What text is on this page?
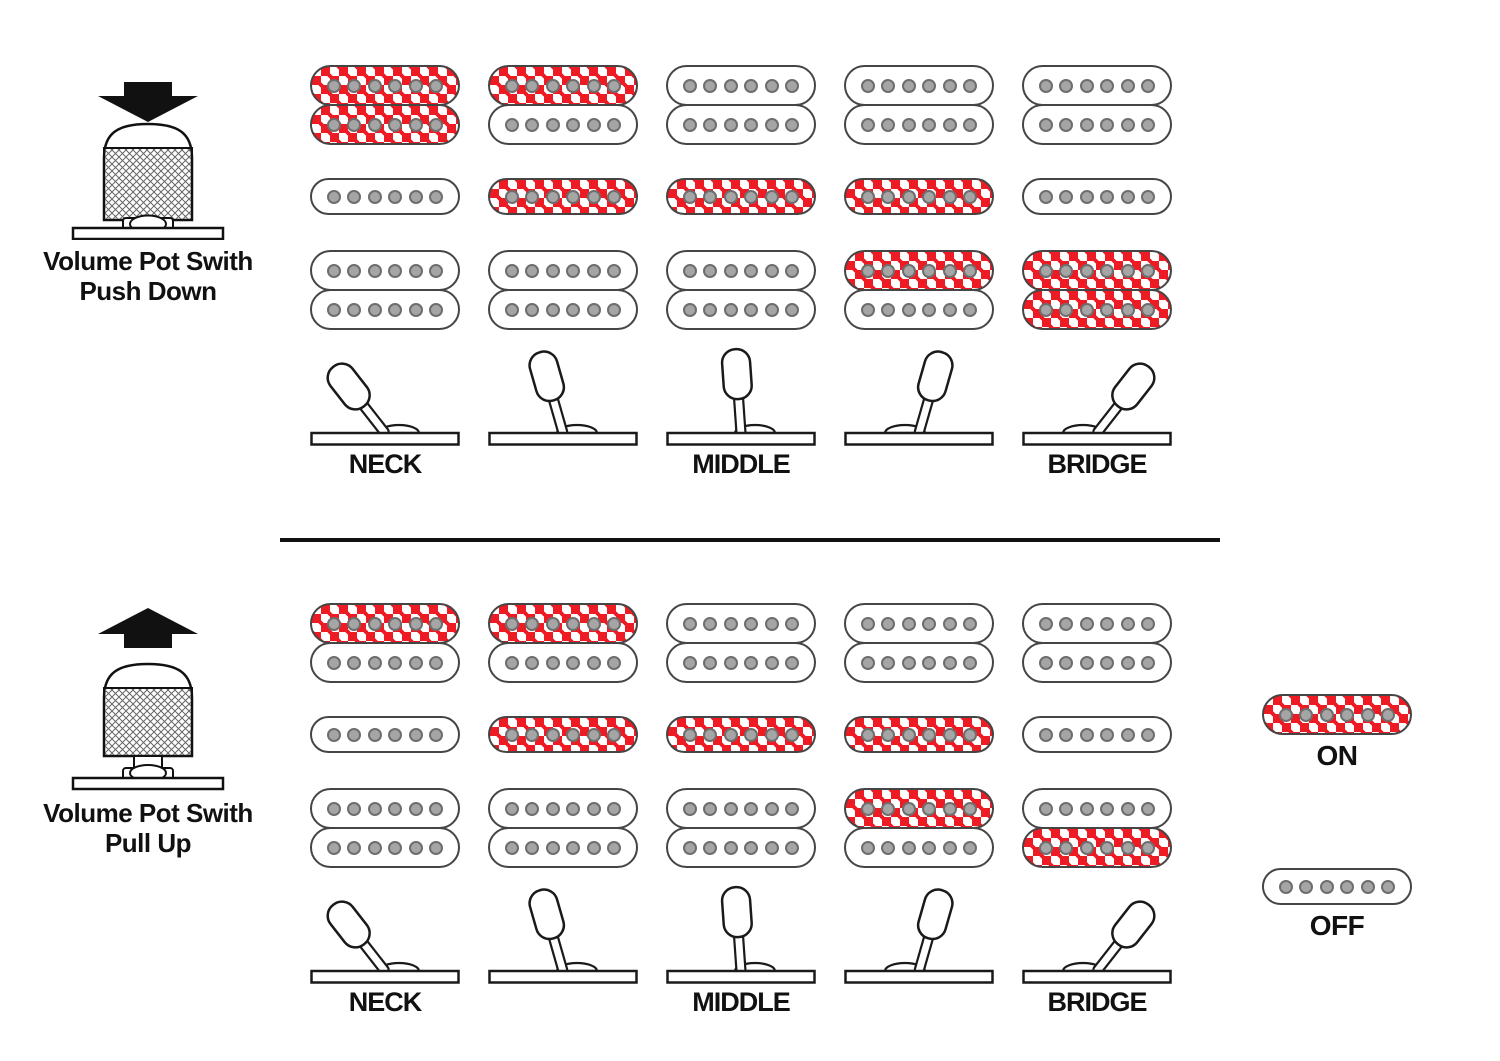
Volume Pot Swith
Push Down
Volume Pot Swith
Pull Up
NECK	MIDDLE	BRIDGE
NECK	MIDDLE	BRIDGE
ON
OFF
